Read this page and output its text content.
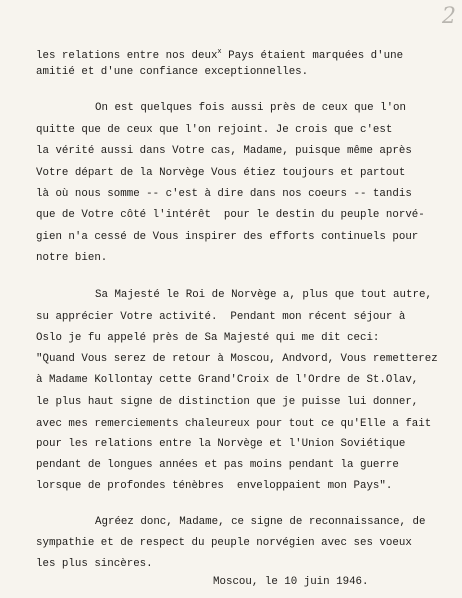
2
les relations entre nos deux$^x$ Pays étaient marquées d'une
amitié et d'une confiance exceptionnelles.
On est quelques fois aussi près de ceux que l'on
quitte que de ceux que l'on rejoint. Je crois que c'est
la vérité aussi dans Votre cas, Madame, puisque même après
Votre départ de la Norvège Vous étiez toujours et partout
là où nous somme -- c'est à dire dans nos coeurs -- tandis
que de Votre côté l'intérêt  pour le destin du peuple norvé-
gien n'a cessé de Vous inspirer des efforts continuels pour
notre bien.
Sa Majesté le Roi de Norvège a, plus que tout autre,
su apprécier Votre activité.  Pendant mon récent séjour à
Oslo je fu appelé près de Sa Majesté qui me dit ceci:
"Quand Vous serez de retour à Moscou, Andvord, Vous remetterez
à Madame Kollontay cette Grand'Croix de l'Ordre de St.Olav,
le plus haut signe de distinction que je puisse lui donner,
avec mes remerciements chaleureux pour tout ce qu'Elle a fait
pour les relations entre la Norvège et l'Union Soviétique
pendant de longues années et pas moins pendant la guerre
lorsque de profondes ténèbres  enveloppaient mon Pays".
Agréez donc, Madame, ce signe de reconnaissance, de
sympathie et de respect du peuple norvégien avec ses voeux
les plus sincères.
Moscou, le 10 juin 1946.
